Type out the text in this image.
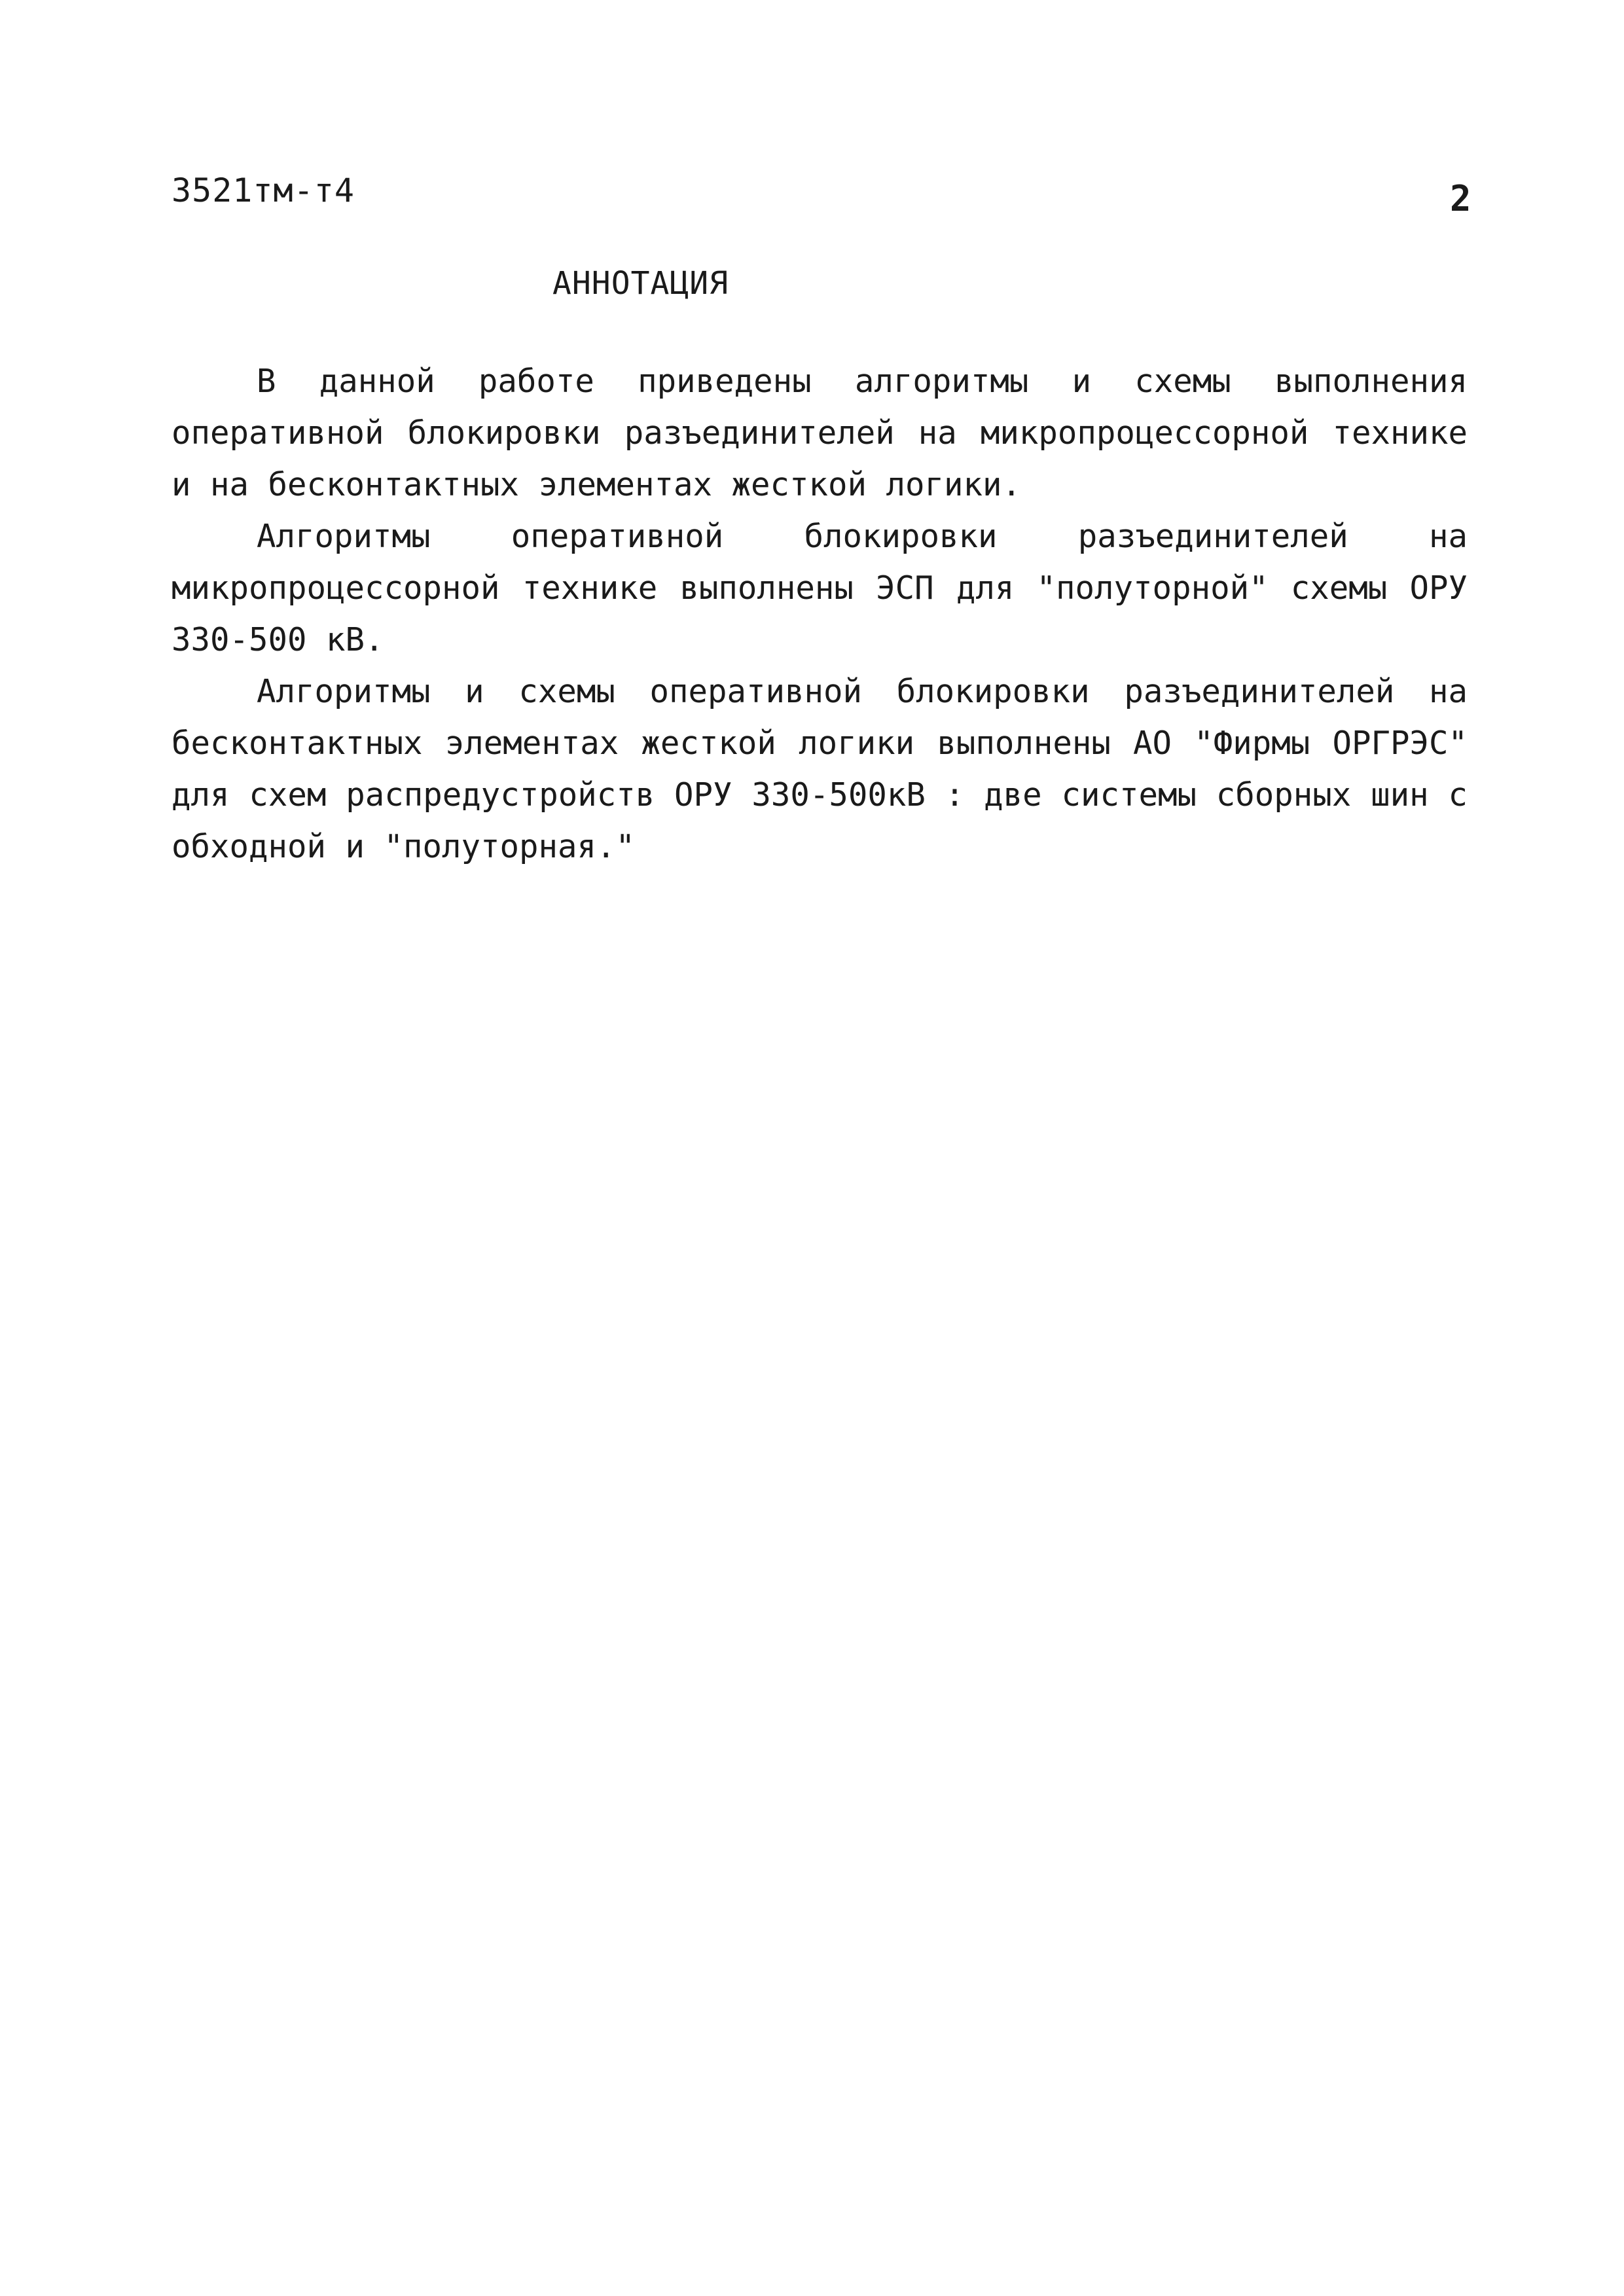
3521тм-т4	2
АННОТАЦИЯ

В данной работе приведены алгоритмы и схемы выполнения оперативной блокировки разъединителей на микропроцессорной технике и на бесконтактных элементах жесткой логики.

Алгоритмы оперативной блокировки разъединителей на микропроцессорной технике выполнены ЭСП для "полуторной" схемы ОРУ 330-500 кВ.

Алгоритмы и схемы оперативной блокировки разъединителей на бесконтактных элементах жесткой логики выполнены АО "Фирмы ОРГРЭС" для схем распредустройств ОРУ 330-500кВ : две системы сборных шин с обходной и "полуторная."
